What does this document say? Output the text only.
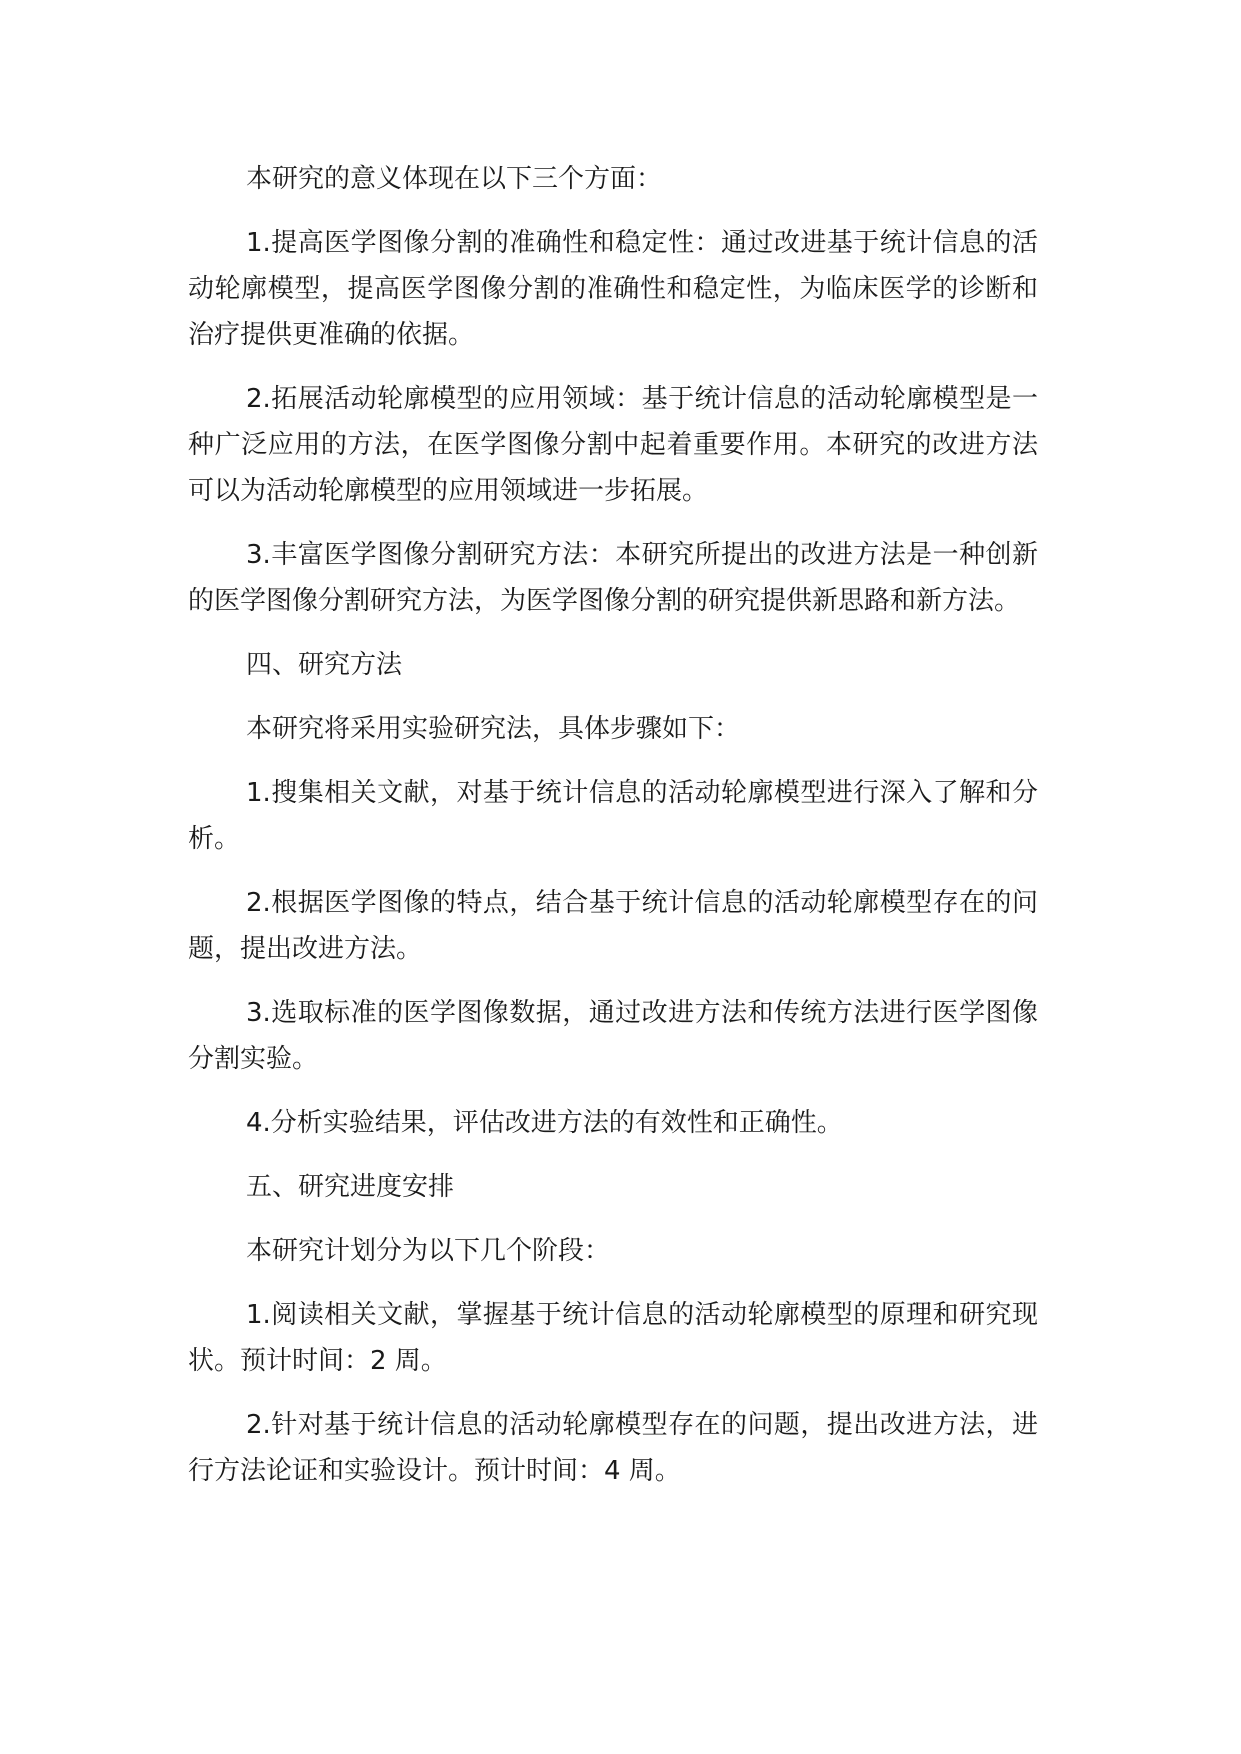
本研究的意义体现在以下三个方面：

1.提高医学图像分割的准确性和稳定性：通过改进基于统计信息的活动轮廓模型，提高医学图像分割的准确性和稳定性，为临床医学的诊断和治疗提供更准确的依据。

2.拓展活动轮廓模型的应用领域：基于统计信息的活动轮廓模型是一种广泛应用的方法，在医学图像分割中起着重要作用。本研究的改进方法可以为活动轮廓模型的应用领域进一步拓展。

3.丰富医学图像分割研究方法：本研究所提出的改进方法是一种创新的医学图像分割研究方法，为医学图像分割的研究提供新思路和新方法。

四、研究方法

本研究将采用实验研究法，具体步骤如下：

1.搜集相关文献，对基于统计信息的活动轮廓模型进行深入了解和分析。

2.根据医学图像的特点，结合基于统计信息的活动轮廓模型存在的问题，提出改进方法。

3.选取标准的医学图像数据，通过改进方法和传统方法进行医学图像分割实验。

4.分析实验结果，评估改进方法的有效性和正确性。

五、研究进度安排

本研究计划分为以下几个阶段：

1.阅读相关文献，掌握基于统计信息的活动轮廓模型的原理和研究现状。预计时间：2 周。

2.针对基于统计信息的活动轮廓模型存在的问题，提出改进方法，进行方法论证和实验设计。预计时间：4 周。
